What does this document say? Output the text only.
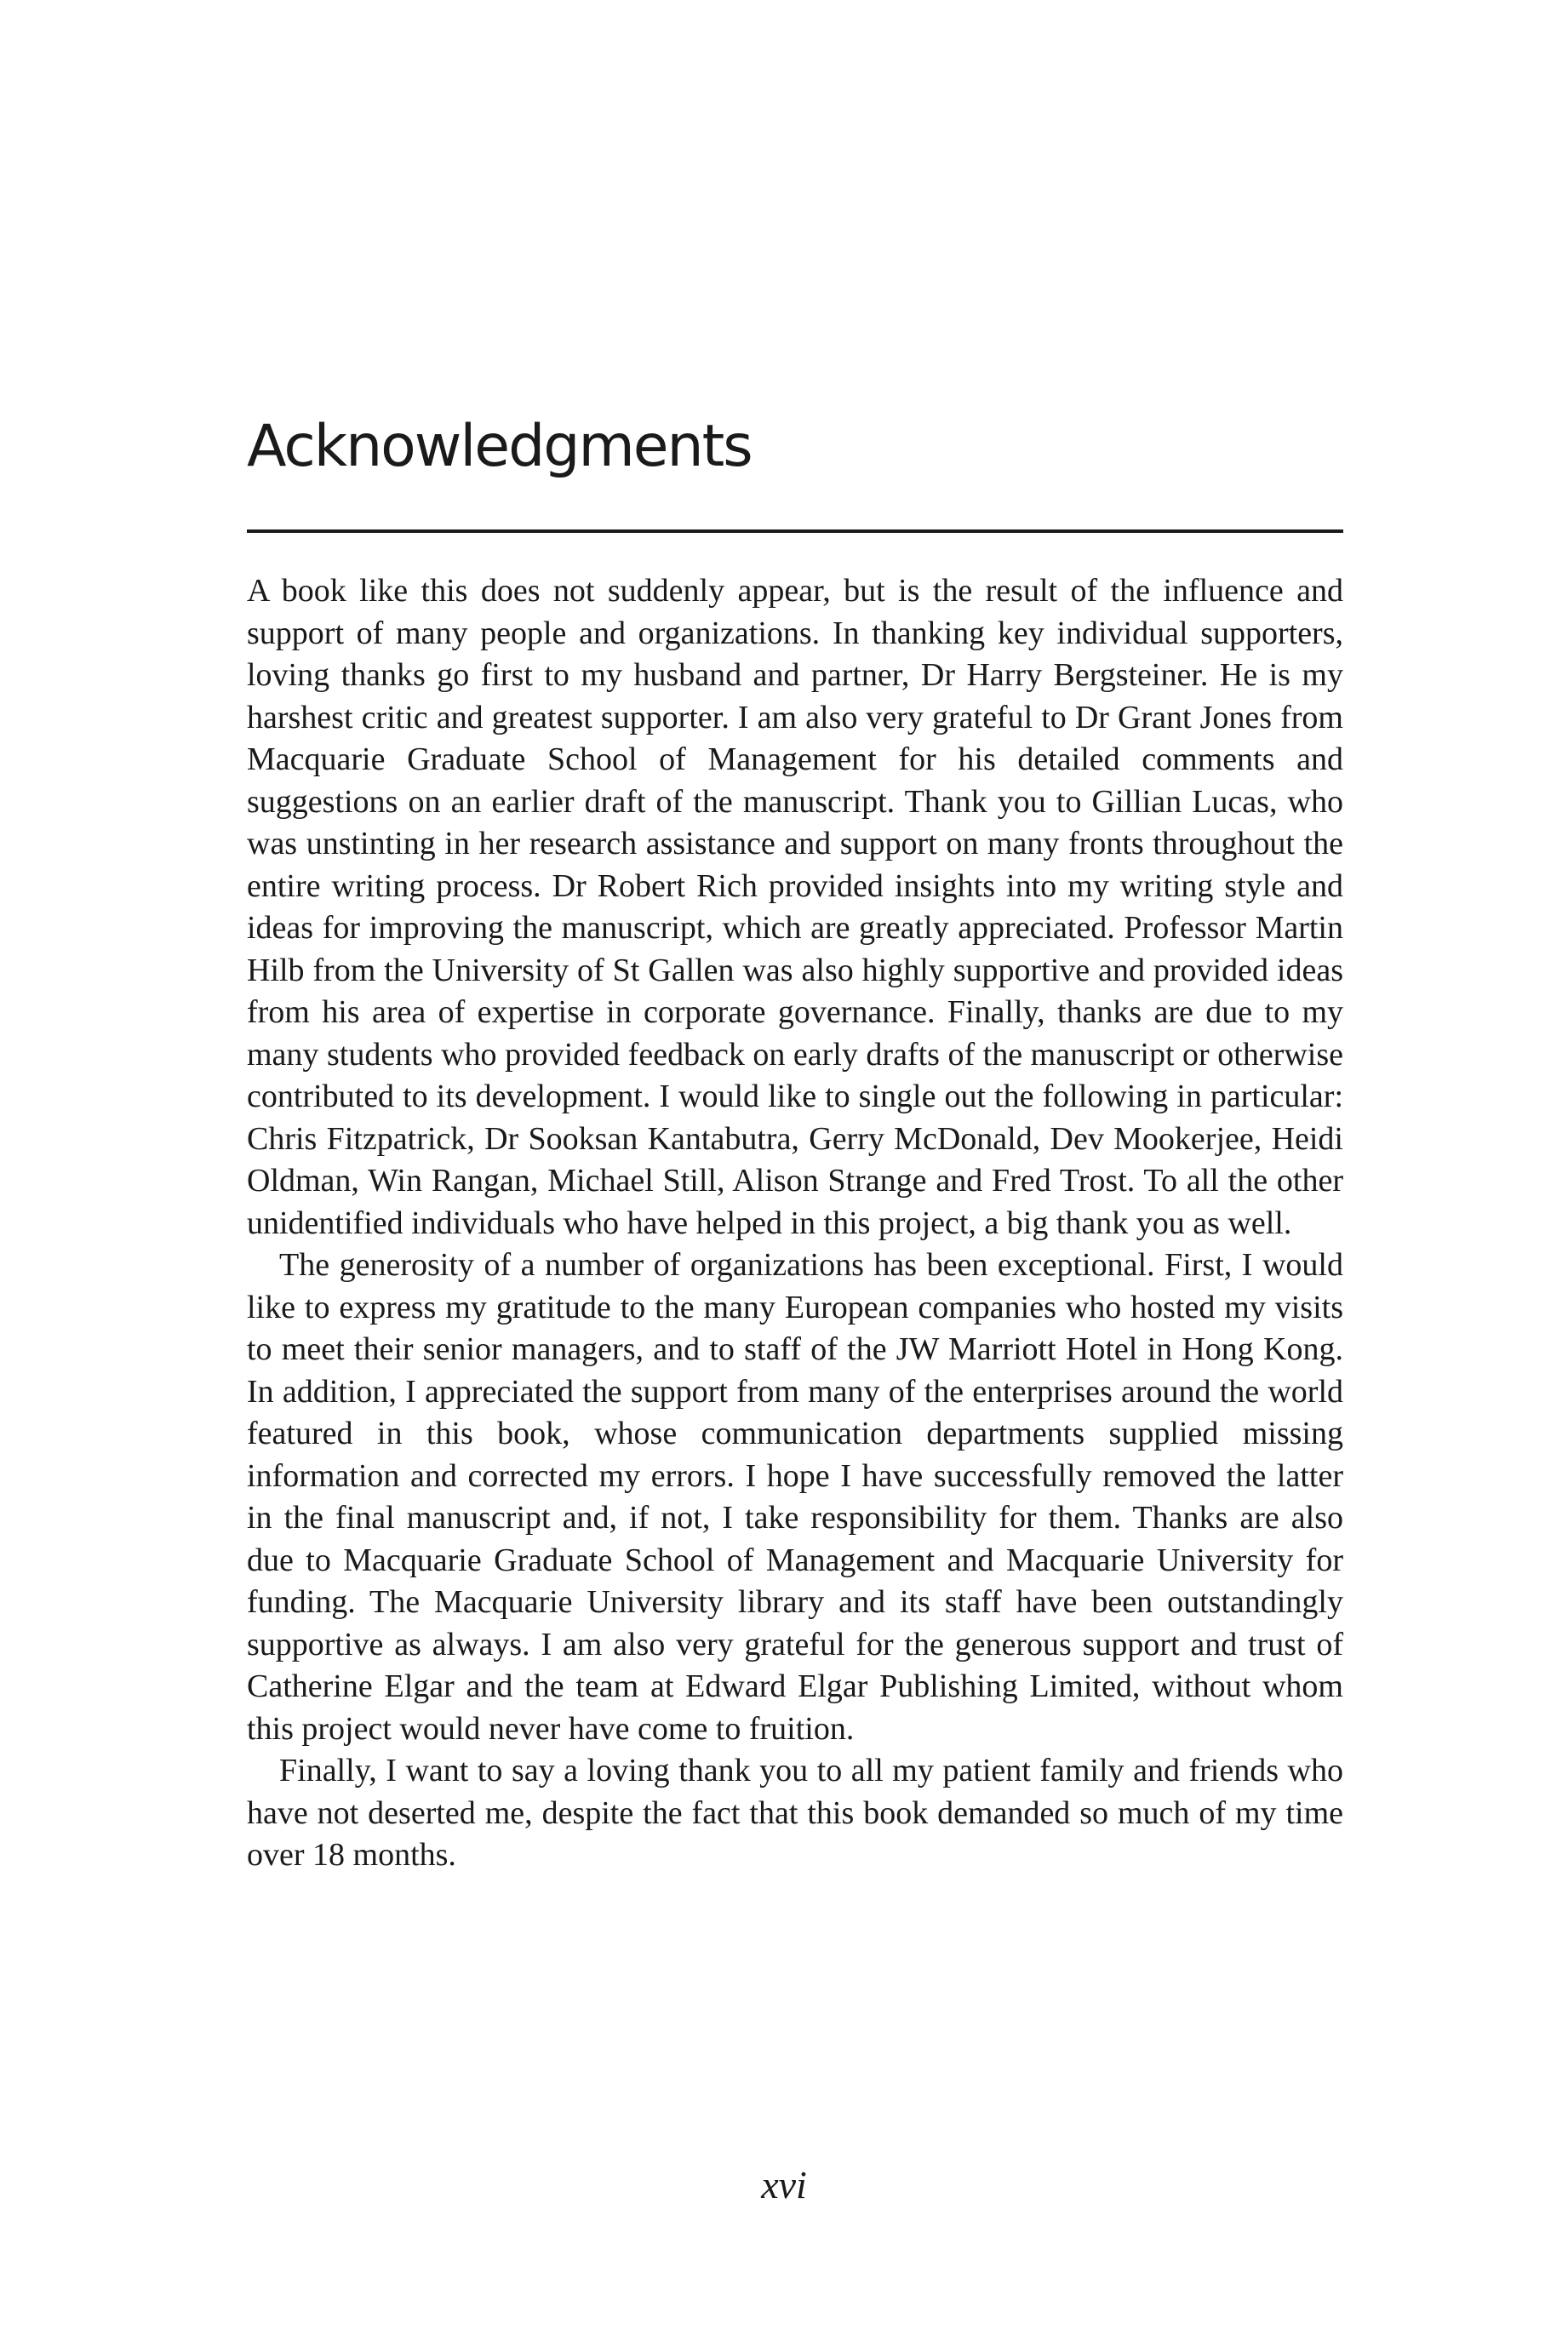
Acknowledgments

A book like this does not suddenly appear, but is the result of the influence and support of many people and organizations. In thanking key individual supporters, loving thanks go first to my husband and partner, Dr Harry Bergsteiner. He is my harshest critic and greatest supporter. I am also very grateful to Dr Grant Jones from Macquarie Graduate School of Management for his detailed comments and suggestions on an earlier draft of the manuscript. Thank you to Gillian Lucas, who was unstinting in her research assistance and support on many fronts throughout the entire writing process. Dr Robert Rich provided insights into my writing style and ideas for improving the manuscript, which are greatly appreciated. Professor Martin Hilb from the University of St Gallen was also highly supportive and provided ideas from his area of expertise in corporate governance. Finally, thanks are due to my many students who provided feedback on early drafts of the manuscript or otherwise contributed to its development. I would like to single out the following in particular: Chris Fitzpatrick, Dr Sooksan Kantabutra, Gerry McDonald, Dev Mookerjee, Heidi Oldman, Win Rangan, Michael Still, Alison Strange and Fred Trost. To all the other unidentified individuals who have helped in this project, a big thank you as well.

The generosity of a number of organizations has been exceptional. First, I would like to express my gratitude to the many European companies who hosted my visits to meet their senior managers, and to staff of the JW Marriott Hotel in Hong Kong. In addition, I appreciated the support from many of the enterprises around the world featured in this book, whose communication departments supplied missing information and corrected my errors. I hope I have successfully removed the latter in the final manuscript and, if not, I take responsibility for them. Thanks are also due to Macquarie Graduate School of Management and Macquarie University for funding. The Macquarie University library and its staff have been outstandingly supportive as always. I am also very grateful for the generous support and trust of Catherine Elgar and the team at Edward Elgar Publishing Limited, without whom this project would never have come to fruition.

Finally, I want to say a loving thank you to all my patient family and friends who have not deserted me, despite the fact that this book demanded so much of my time over 18 months.

xvi
